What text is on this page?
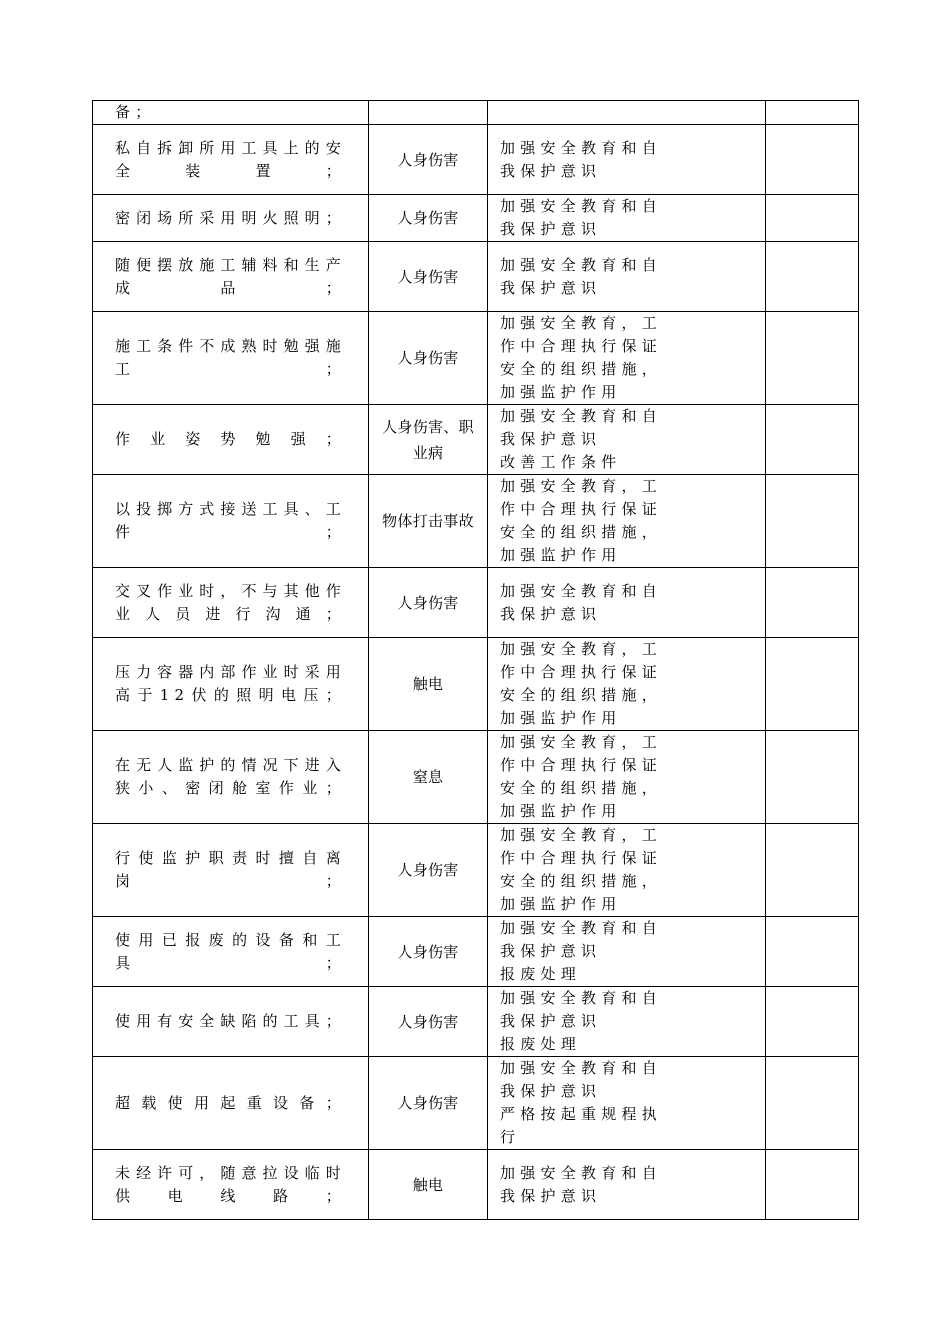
备；			

私自拆卸所用工具上的安全装置；	人身伤害	加强安全教育和自
我保护意识	

密闭场所采用明火照明；	人身伤害	加强安全教育和自
我保护意识	

随便摆放施工辅料和生产成品；	人身伤害	加强安全教育和自
我保护意识	

施工条件不成熟时勉强施工；	人身伤害	加强安全教育，工
作中合理执行保证
安全的组织措施，
加强监护作用	

作业姿势勉强；	人身伤害、职业病	加强安全教育和自
我保护意识
改善工作条件	

以投掷方式接送工具、工件；	物体打击事故	加强安全教育，工
作中合理执行保证
安全的组织措施，
加强监护作用	

交叉作业时，不与其他作业人员进行沟通；	人身伤害	加强安全教育和自
我保护意识	

压力容器内部作业时采用高于12伏的照明电压；	触电	加强安全教育，工
作中合理执行保证
安全的组织措施，
加强监护作用	

在无人监护的情况下进入狭小、密闭舱室作业；	窒息	加强安全教育，工
作中合理执行保证
安全的组织措施，
加强监护作用	

行使监护职责时擅自离岗；	人身伤害	加强安全教育，工
作中合理执行保证
安全的组织措施，
加强监护作用	

使用已报废的设备和工具；	人身伤害	加强安全教育和自
我保护意识
报废处理	

使用有安全缺陷的工具；	人身伤害	加强安全教育和自
我保护意识
报废处理	

超载使用起重设备；	人身伤害	加强安全教育和自
我保护意识
严格按起重规程执
行	

未经许可，随意拉设临时供电线路；	触电	加强安全教育和自
我保护意识	
